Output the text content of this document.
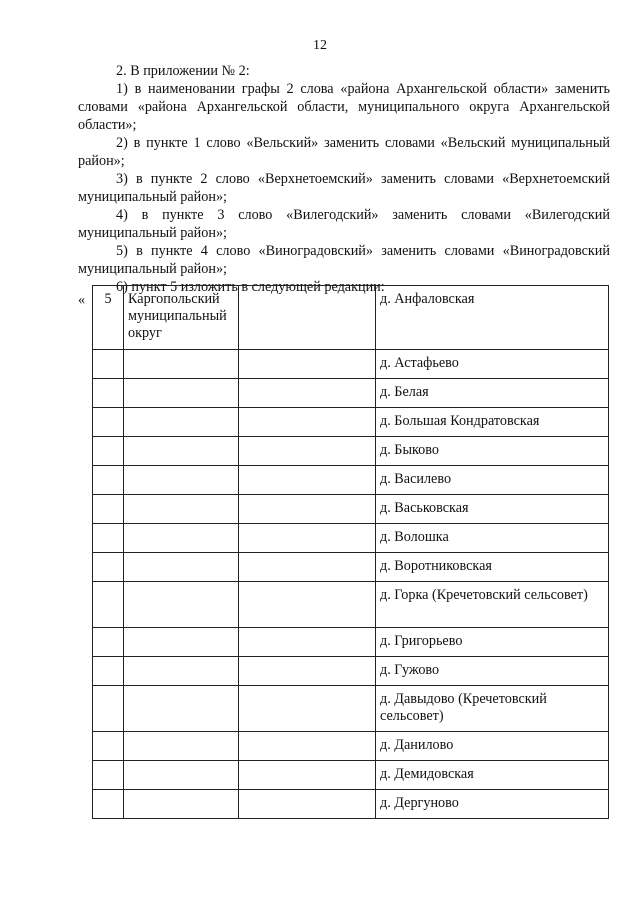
12

2. В приложении № 2:

1) в наименовании графы 2 слова «района Архангельской области» заменить словами «района Архангельской области, муниципального округа Архангельской области»;

2) в пункте 1 слово «Вельский» заменить словами «Вельский муниципальный район»;

3) в пункте 2 слово «Верхнетоемский» заменить словами «Верхнетоемский муниципальный район»;

4) в пункте 3 слово «Вилегодский» заменить словами «Вилегодский муниципальный район»;

5) в пункте 4 слово «Виноградовский» заменить словами «Виноградовский муниципальный район»;

6) пункт 5 изложить в следующей редакции:

« 5	Каргопольский муниципальный округ		д. Анфаловская
			д. Астафьево
			д. Белая
			д. Большая Кондратовская
			д. Быково
			д. Василево
			д. Васьковская
			д. Волошка
			д. Воротниковская
			д. Горка (Кречетовский сельсовет)
			д. Григорьево
			д. Гужово
			д. Давыдово (Кречетовский сельсовет)
			д. Данилово
			д. Демидовская
			д. Дергуново
